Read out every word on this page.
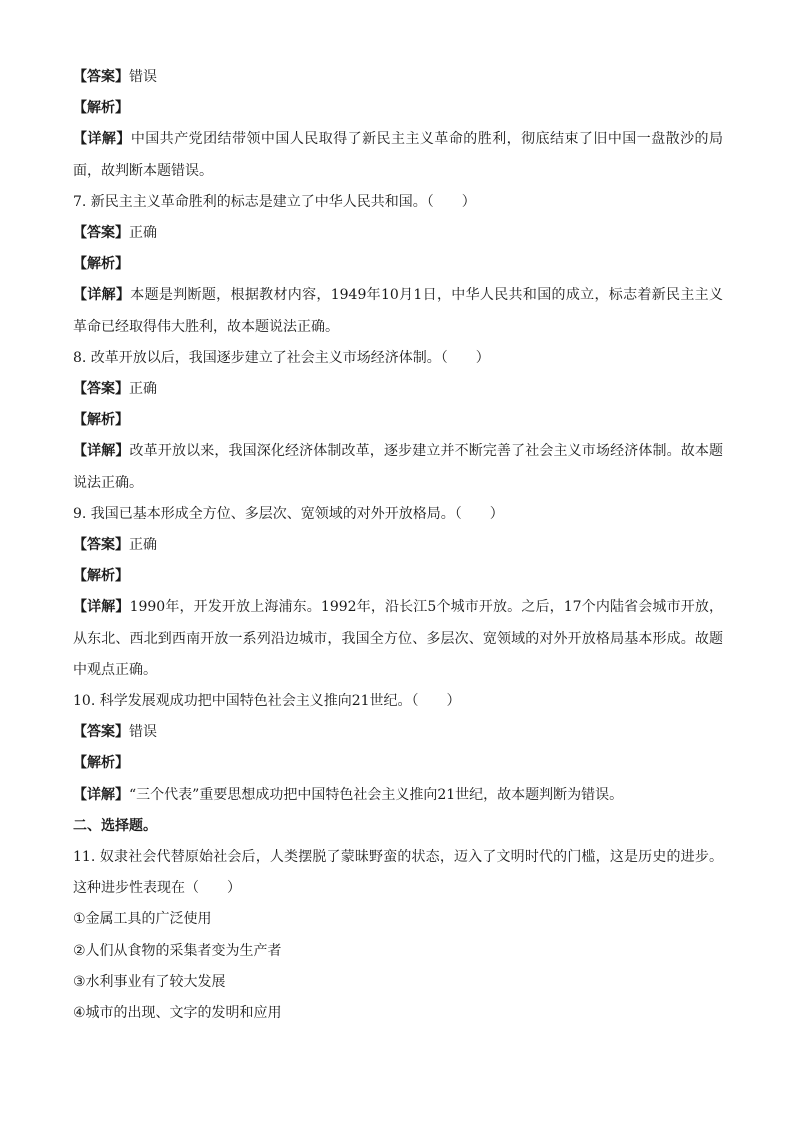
【答案】错误
【解析】
【详解】中国共产党团结带领中国人民取得了新民主主义革命的胜利，彻底结束了旧中国一盘散沙的局面，故判断本题错误。
7. 新民主主义革命胜利的标志是建立了中华人民共和国。（　　）
【答案】正确
【解析】
【详解】本题是判断题，根据教材内容，1949年10月1日，中华人民共和国的成立，标志着新民主主义革命已经取得伟大胜利，故本题说法正确。
8. 改革开放以后，我国逐步建立了社会主义市场经济体制。（　　）
【答案】正确
【解析】
【详解】改革开放以来，我国深化经济体制改革，逐步建立并不断完善了社会主义市场经济体制。故本题说法正确。
9. 我国已基本形成全方位、多层次、宽领域的对外开放格局。（　　）
【答案】正确
【解析】
【详解】1990年，开发开放上海浦东。1992年，沿长江5个城市开放。之后，17个内陆省会城市开放，从东北、西北到西南开放一系列沿边城市，我国全方位、多层次、宽领域的对外开放格局基本形成。故题中观点正确。
10. 科学发展观成功把中国特色社会主义推向21世纪。（　　）
【答案】错误
【解析】
【详解】“三个代表”重要思想成功把中国特色社会主义推向21世纪，故本题判断为错误。
二、选择题。
11. 奴隶社会代替原始社会后，人类摆脱了蒙昧野蛮的状态，迈入了文明时代的门槛，这是历史的进步。这种进步性表现在（　　）
①金属工具的广泛使用
②人们从食物的采集者变为生产者
③水利事业有了较大发展
④城市的出现、文字的发明和应用
